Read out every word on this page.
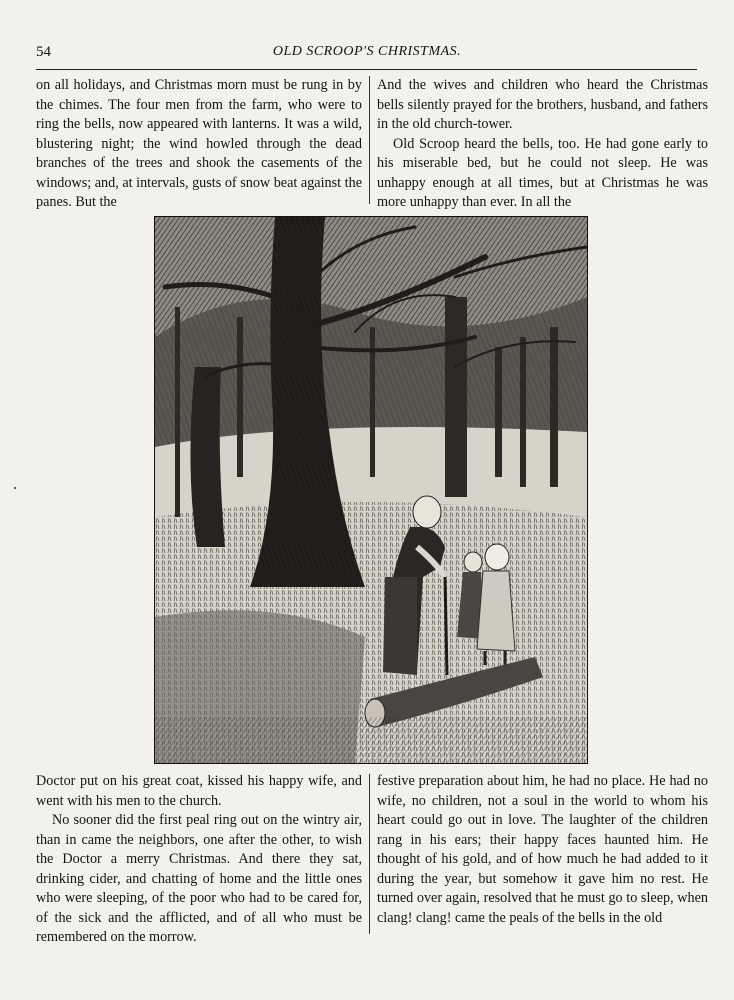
54	OLD SCROOP'S CHRISTMAS.

on all holidays, and Christmas morn must be rung in by the chimes. The four men from the farm, who were to ring the bells, now appeared with lanterns. It was a wild, blustering night; the wind howled through the dead branches of the trees and shook the casements of the windows; and, at intervals, gusts of snow beat against the panes. But the

And the wives and children who heard the Christmas bells silently prayed for the brothers, husband, and fathers in the old church-tower.

Old Scroop heard the bells, too. He had gone early to his miserable bed, but he could not sleep. He was unhappy enough at all times, but at Christmas he was more unhappy than ever. In all the

Doctor put on his great coat, kissed his happy wife, and went with his men to the church.

No sooner did the first peal ring out on the wintry air, than in came the neighbors, one after the other, to wish the Doctor a merry Christmas. And there they sat, drinking cider, and chatting of home and the little ones who were sleeping, of the poor who had to be cared for, of the sick and the afflicted, and of all who must be remembered on the morrow.

festive preparation about him, he had no place. He had no wife, no children, not a soul in the world to whom his heart could go out in love. The laughter of the children rang in his ears; their happy faces haunted him. He thought of his gold, and of how much he had added to it during the year, but somehow it gave him no rest. He turned over again, resolved that he must go to sleep, when clang! clang! came the peals of the bells in the old
